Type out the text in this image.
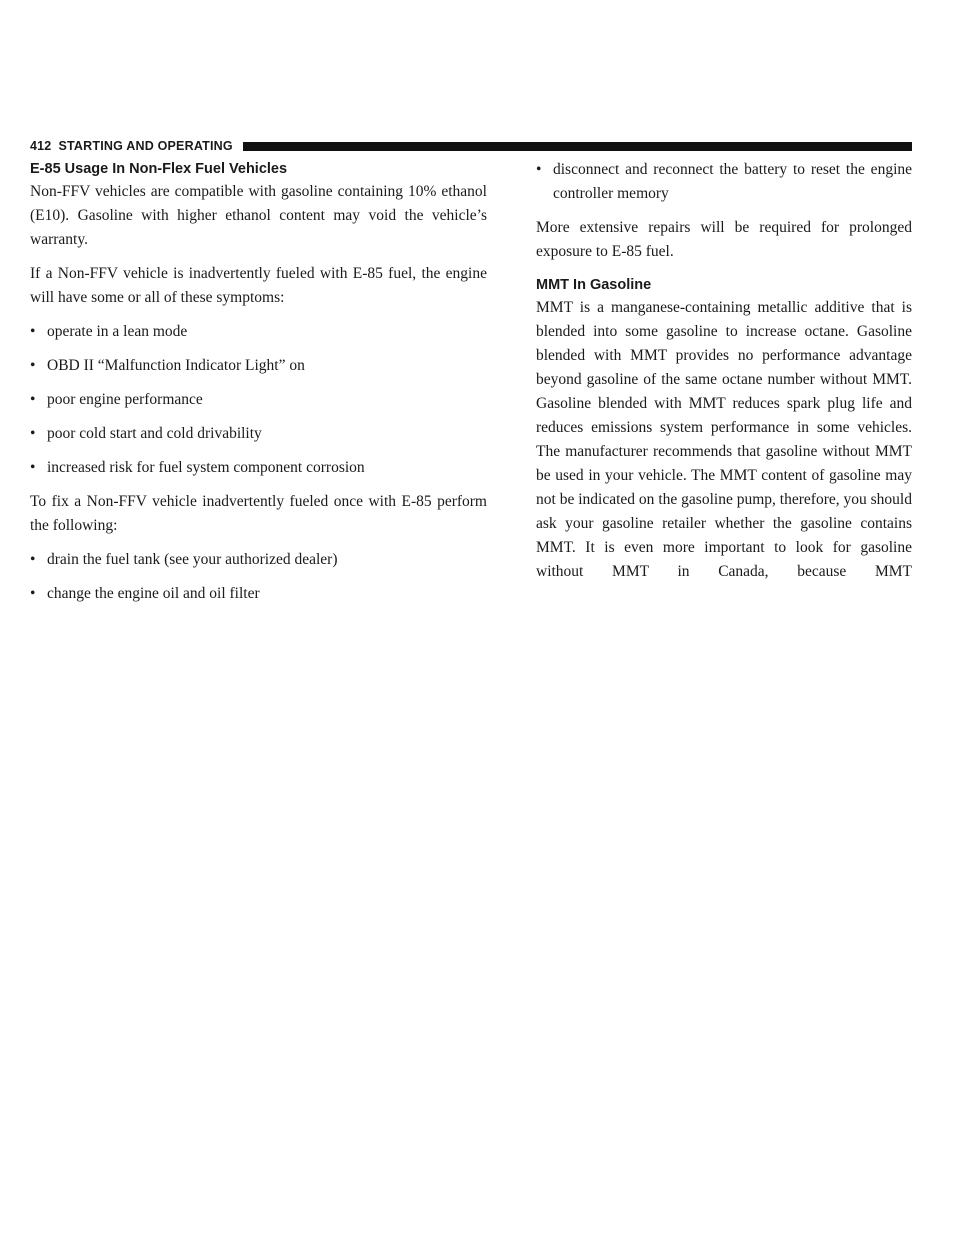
412 STARTING AND OPERATING
E-85 Usage In Non-Flex Fuel Vehicles

Non-FFV vehicles are compatible with gasoline containing 10% ethanol (E10). Gasoline with higher ethanol content may void the vehicle’s warranty.

If a Non-FFV vehicle is inadvertently fueled with E-85 fuel, the engine will have some or all of these symptoms:

• operate in a lean mode
• OBD II “Malfunction Indicator Light” on
• poor engine performance
• poor cold start and cold drivability
• increased risk for fuel system component corrosion

To fix a Non-FFV vehicle inadvertently fueled once with E-85 perform the following:

• drain the fuel tank (see your authorized dealer)
• change the engine oil and oil filter
• disconnect and reconnect the battery to reset the engine controller memory

More extensive repairs will be required for prolonged exposure to E-85 fuel.

MMT In Gasoline

MMT is a manganese-containing metallic additive that is blended into some gasoline to increase octane. Gasoline blended with MMT provides no performance advantage beyond gasoline of the same octane number without MMT. Gasoline blended with MMT reduces spark plug life and reduces emissions system performance in some vehicles. The manufacturer recommends that gasoline without MMT be used in your vehicle. The MMT content of gasoline may not be indicated on the gasoline pump, therefore, you should ask your gasoline retailer whether the gasoline contains MMT. It is even more important to look for gasoline without MMT in Canada, because MMT
